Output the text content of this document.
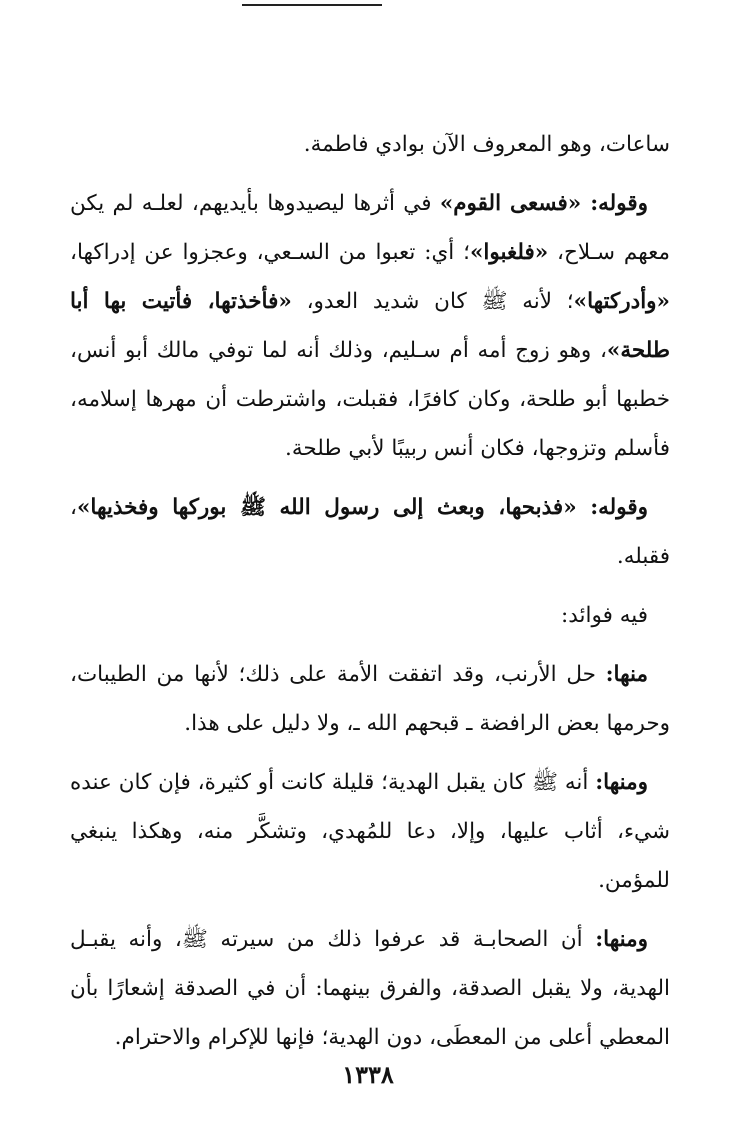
ساعات، وهو المعروف الآن بوادي فاطمة.

وقوله: «فسعى القوم» في أثرها ليصيدوها بأيديهم، لعلـه لم يكن معهم سـلاح، «فلغبوا»؛ أي: تعبوا من السـعي، وعجزوا عن إدراكها، «وأدركتها»؛ لأنه ﷺ كان شديد العدو، «فأخذتها، فأتيت بها أبا طلحة»، وهو زوج أمه أم سـليم، وذلك أنه لما توفي مالك أبو أنس، خطبها أبو طلحة، وكان كافرًا، فقبلت، واشترطت أن مهرها إسلامه، فأسلم وتزوجها، فكان أنس ربيبًا لأبي طلحة.

وقوله: «فذبحها، وبعث إلى رسول الله ﷺ بوركها وفخذيها»، فقبله.

فيه فوائد:

منها: حل الأرنب، وقد اتفقت الأمة على ذلك؛ لأنها من الطيبات، وحرمها بعض الرافضة ـ قبحهم الله ـ، ولا دليل على هذا.

ومنها: أنه ﷺ كان يقبل الهدية؛ قليلة كانت أو كثيرة، فإن كان عنده شيء، أثاب عليها، وإلا، دعا للمُهدي، وتشكَّر منه، وهكذا ينبغي للمؤمن.

ومنها: أن الصحابـة قد عرفوا ذلك من سيرته ﷺ، وأنه يقبـل الهدية، ولا يقبل الصدقة، والفرق بينهما: أن في الصدقة إشعارًا بأن المعطي أعلى من المعطَى، دون الهدية؛ فإنها للإكرام والاحترام.

١٣٣٨
